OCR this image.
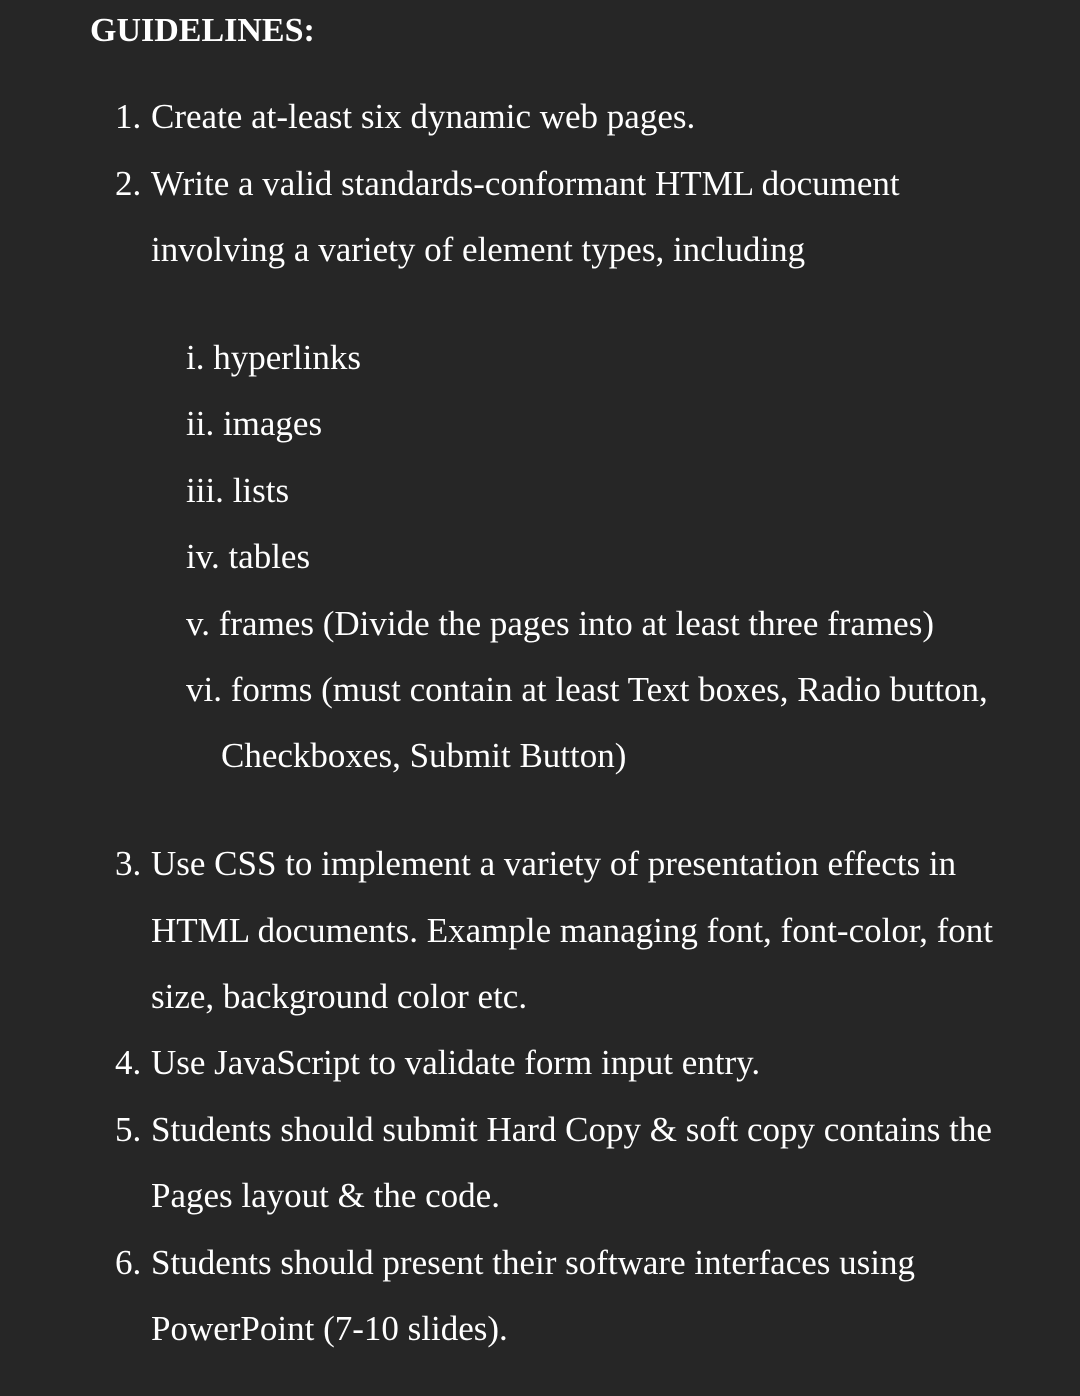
GUIDELINES:
1. Create at-least six dynamic web pages.
2. Write a valid standards-conformant HTML document
involving a variety of element types, including
i. hyperlinks
ii. images
iii. lists
iv. tables
v. frames (Divide the pages into at least three frames)
vi. forms (must contain at least Text boxes, Radio button,
Checkboxes, Submit Button)
3. Use CSS to implement a variety of presentation effects in
HTML documents. Example managing font, font-color, font
size, background color etc.
4. Use JavaScript to validate form input entry.
5. Students should submit Hard Copy & soft copy contains the
Pages layout & the code.
6. Students should present their software interfaces using
PowerPoint (7-10 slides).
